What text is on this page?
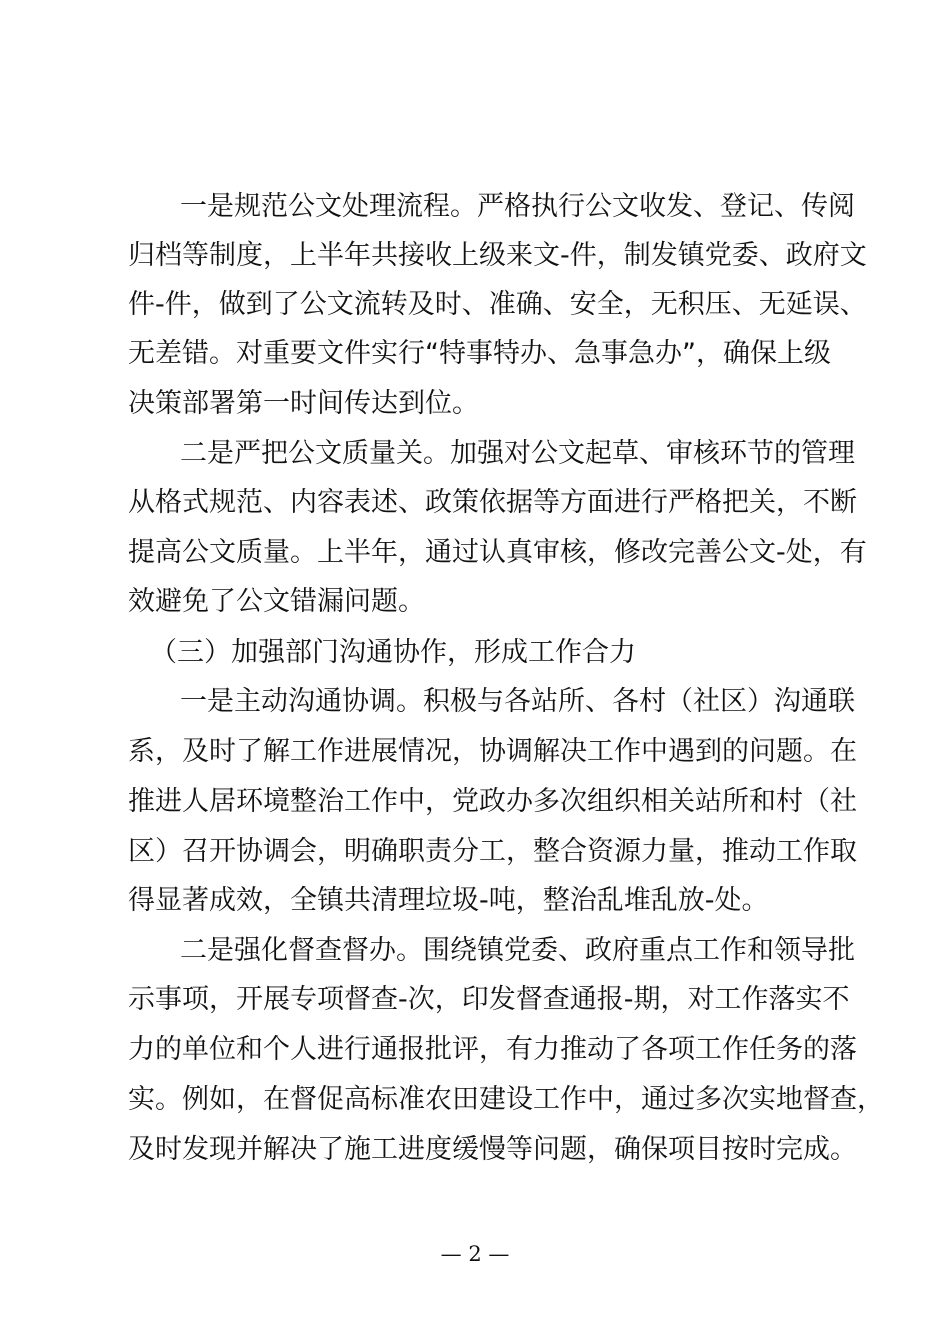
一是规范公文处理流程。严格执行公文收发、登记、传阅

归档等制度，上半年共接收上级来文-件，制发镇党委、政府文

件-件，做到了公文流转及时、准确、安全，无积压、无延误、

无差错。对重要文件实行“特事特办、急事急办”，确保上级

决策部署第一时间传达到位。

二是严把公文质量关。加强对公文起草、审核环节的管理

从格式规范、内容表述、政策依据等方面进行严格把关，不断

提高公文质量。上半年，通过认真审核，修改完善公文-处，有

效避免了公文错漏问题。

（三）加强部门沟通协作，形成工作合力

一是主动沟通协调。积极与各站所、各村（社区）沟通联

系，及时了解工作进展情况，协调解决工作中遇到的问题。在

推进人居环境整治工作中，党政办多次组织相关站所和村（社

区）召开协调会，明确职责分工，整合资源力量，推动工作取

得显著成效，全镇共清理垃圾-吨，整治乱堆乱放-处。

二是强化督查督办。围绕镇党委、政府重点工作和领导批

示事项，开展专项督查-次，印发督查通报-期，对工作落实不

力的单位和个人进行通报批评，有力推动了各项工作任务的落

实。例如，在督促高标准农田建设工作中，通过多次实地督查，

及时发现并解决了施工进度缓慢等问题，确保项目按时完成。

— 2 —
